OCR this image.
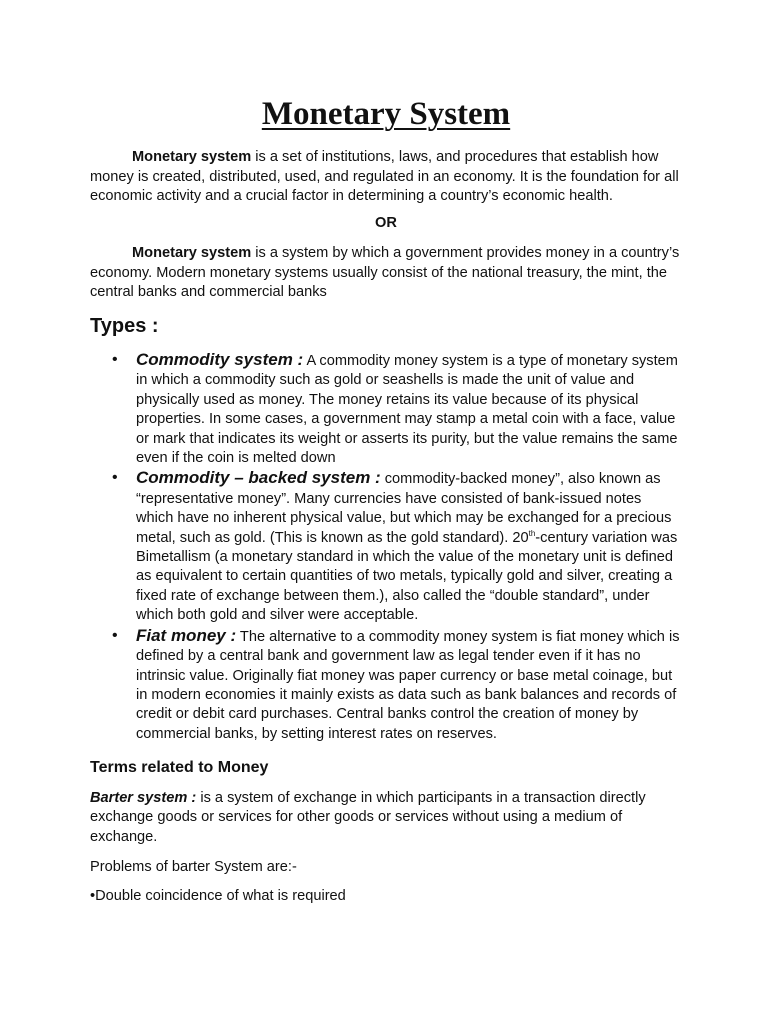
Monetary System

Monetary system is a set of institutions, laws, and procedures that establish how money is created, distributed, used, and regulated in an economy. It is the foundation for all economic activity and a crucial factor in determining a country’s economic health.

OR

Monetary system is a system by which a government provides money in a country’s economy. Modern monetary systems usually consist of the national treasury, the mint, the central banks and commercial banks

Types :
• Commodity system : A commodity money system is a type of monetary system in which a commodity such as gold or seashells is made the unit of value and physically used as money. The money retains its value because of its physical properties. In some cases, a government may stamp a metal coin with a face, value or mark that indicates its weight or asserts its purity, but the value remains the same even if the coin is melted down
• Commodity – backed system : commodity-backed money”, also known as “representative money”. Many currencies have consisted of bank-issued notes which have no inherent physical value, but which may be exchanged for a precious metal, such as gold. (This is known as the gold standard). 20th-century variation was Bimetallism (a monetary standard in which the value of the monetary unit is defined as equivalent to certain quantities of two metals, typically gold and silver, creating a fixed rate of exchange between them.), also called the “double standard”, under which both gold and silver were acceptable.
• Fiat money : The alternative to a commodity money system is fiat money which is defined by a central bank and government law as legal tender even if it has no intrinsic value. Originally fiat money was paper currency or base metal coinage, but in modern economies it mainly exists as data such as bank balances and records of credit or debit card purchases. Central banks control the creation of money by commercial banks, by setting interest rates on reserves.
Terms related to Money

Barter system : is a system of exchange in which participants in a transaction directly exchange goods or services for other goods or services without using a medium of exchange.

Problems of barter System are:-

•Double coincidence of what is required
